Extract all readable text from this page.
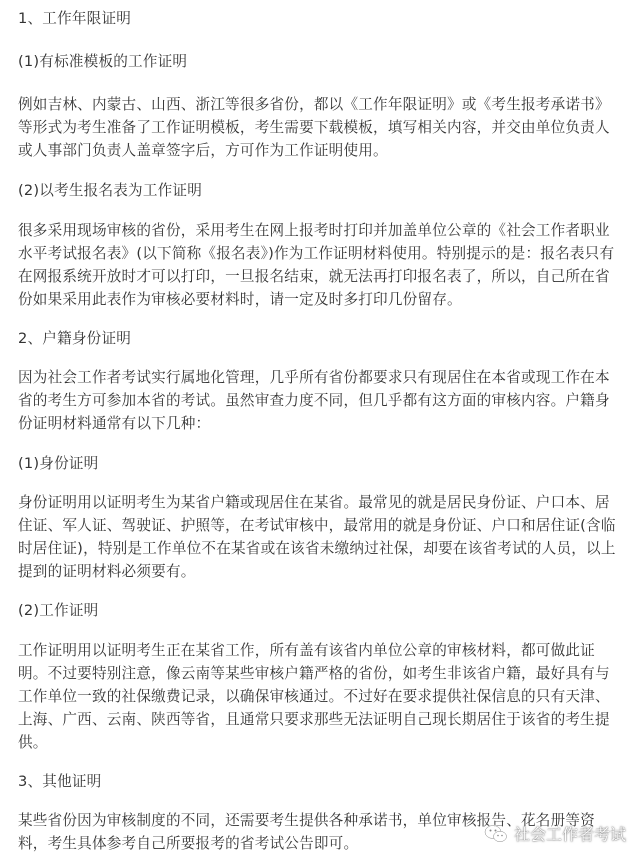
1、工作年限证明
(1)有标准模板的工作证明
例如吉林、内蒙古、山西、浙江等很多省份，都以《工作年限证明》或《考生报考承诺书》
等形式为考生准备了工作证明模板，考生需要下载模板，填写相关内容，并交由单位负责人
或人事部门负责人盖章签字后，方可作为工作证明使用。
(2)以考生报名表为工作证明
很多采用现场审核的省份，采用考生在网上报考时打印并加盖单位公章的《社会工作者职业
水平考试报名表》(以下简称《报名表》)作为工作证明材料使用。特别提示的是：报名表只有
在网报系统开放时才可以打印，一旦报名结束，就无法再打印报名表了，所以，自己所在省
份如果采用此表作为审核必要材料时，请一定及时多打印几份留存。
2、户籍身份证明
因为社会工作者考试实行属地化管理，几乎所有省份都要求只有现居住在本省或现工作在本
省的考生方可参加本省的考试。虽然审查力度不同，但几乎都有这方面的审核内容。户籍身
份证明材料通常有以下几种：
(1)身份证明
身份证明用以证明考生为某省户籍或现居住在某省。最常见的就是居民身份证、户口本、居
住证、军人证、驾驶证、护照等，在考试审核中，最常用的就是身份证、户口和居住证(含临
时居住证)，特别是工作单位不在某省或在该省未缴纳过社保，却要在该省考试的人员，以上
提到的证明材料必须要有。
(2)工作证明
工作证明用以证明考生正在某省工作，所有盖有该省内单位公章的审核材料，都可做此证
明。不过要特别注意，像云南等某些审核户籍严格的省份，如考生非该省户籍，最好具有与
工作单位一致的社保缴费记录，以确保审核通过。不过好在要求提供社保信息的只有天津、
上海、广西、云南、陕西等省，且通常只要求那些无法证明自己现长期居住于该省的考生提
供。
3、其他证明
某些省份因为审核制度的不同，还需要考生提供各种承诺书，单位审核报告、花名册等资
料，考生具体参考自己所要报考的省考试公告即可。	社会工作者考试
